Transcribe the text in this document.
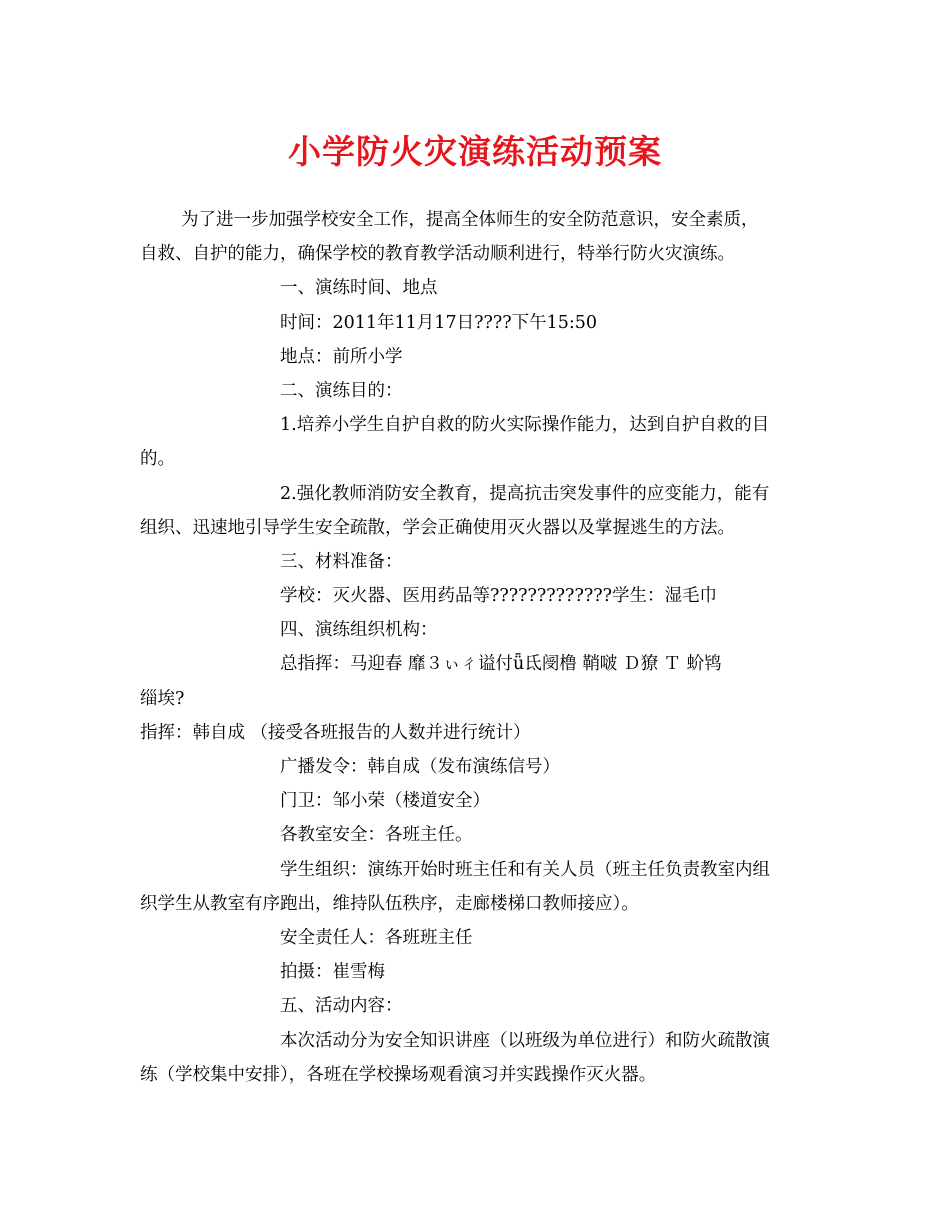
小学防火灾演练活动预案
为了进一步加强学校安全工作，提高全体师生的安全防范意识，安全素质，
自救、自护的能力，确保学校的教育教学活动顺利进行，特举行防火灾演练。
一、演练时间、地点
时间：2011年11月17日????下午15:50
地点：前所小学
二、演练目的：
1.培养小学生自护自救的防火实际操作能力，达到自护自救的目
的。
2.强化教师消防安全教育，提高抗击突发事件的应变能力，能有
组织、迅速地引导学生安全疏散，学会正确使用灭火器以及掌握逃生的方法。
三、材料准备：
学校：灭火器、医用药品等?????????????学生：湿毛巾
四、演练组织机构：
总指挥：马迎春 靡３ぃㄔ谥付ǖ氐阌橹 鞘啵 Ｄ獠 Ｔ 蚧鸨
缁埃?
指挥：韩自成 （接受各班报告的人数并进行统计）
广播发令：韩自成（发布演练信号）
门卫：邹小荣（楼道安全）
各教室安全：各班主任。
学生组织：演练开始时班主任和有关人员（班主任负责教室内组
织学生从教室有序跑出，维持队伍秩序，走廊楼梯口教师接应）。
安全责任人：各班班主任
拍摄：崔雪梅
五、活动内容：
本次活动分为安全知识讲座（以班级为单位进行）和防火疏散演
练（学校集中安排），各班在学校操场观看演习并实践操作灭火器。
